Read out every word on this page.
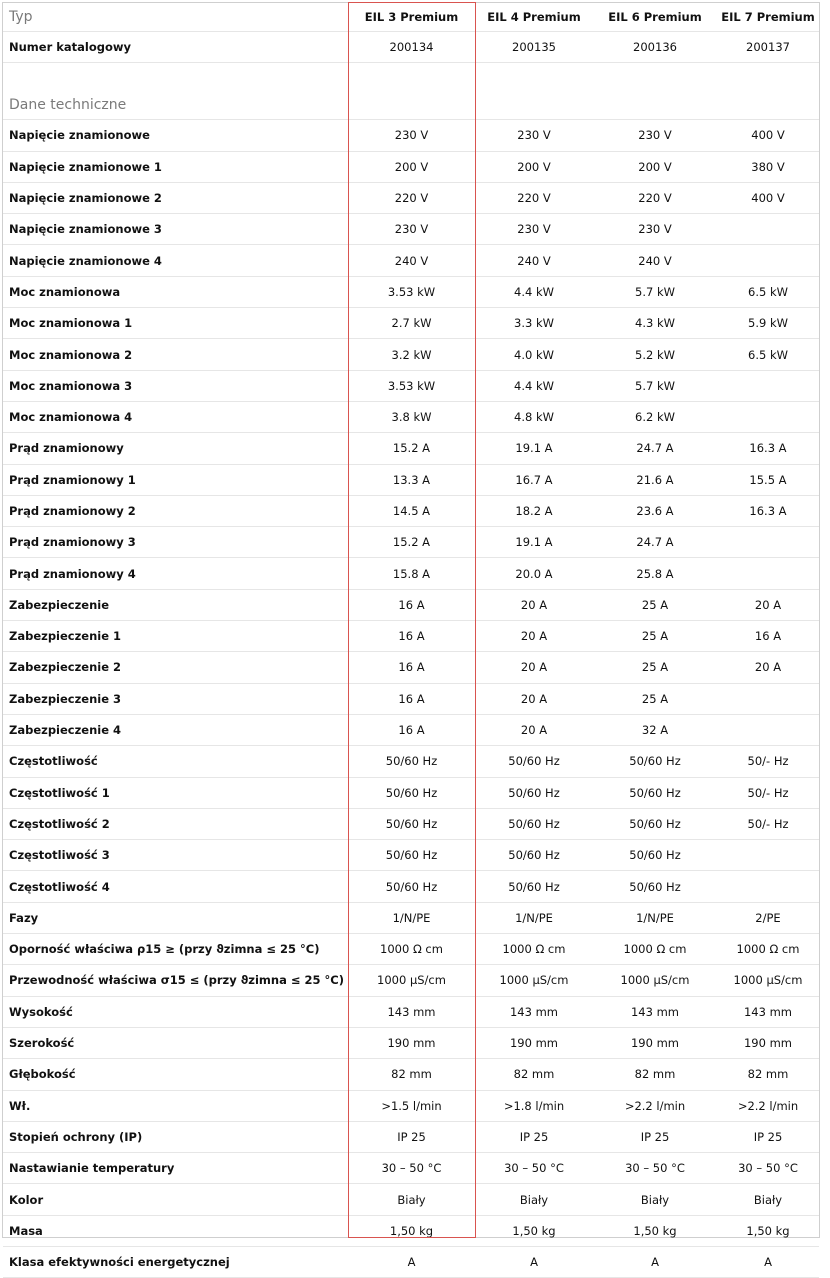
Typ	EIL 3 Premium	EIL 4 Premium	EIL 6 Premium	EIL 7 Premium
Numer katalogowy	200134	200135	200136	200137
Dane techniczne				
Napięcie znamionowe	230 V	230 V	230 V	400 V
Napięcie znamionowe 1	200 V	200 V	200 V	380 V
Napięcie znamionowe 2	220 V	220 V	220 V	400 V
Napięcie znamionowe 3	230 V	230 V	230 V	
Napięcie znamionowe 4	240 V	240 V	240 V	
Moc znamionowa	3.53 kW	4.4 kW	5.7 kW	6.5 kW
Moc znamionowa 1	2.7 kW	3.3 kW	4.3 kW	5.9 kW
Moc znamionowa 2	3.2 kW	4.0 kW	5.2 kW	6.5 kW
Moc znamionowa 3	3.53 kW	4.4 kW	5.7 kW	
Moc znamionowa 4	3.8 kW	4.8 kW	6.2 kW	
Prąd znamionowy	15.2 A	19.1 A	24.7 A	16.3 A
Prąd znamionowy 1	13.3 A	16.7 A	21.6 A	15.5 A
Prąd znamionowy 2	14.5 A	18.2 A	23.6 A	16.3 A
Prąd znamionowy 3	15.2 A	19.1 A	24.7 A	
Prąd znamionowy 4	15.8 A	20.0 A	25.8 A	
Zabezpieczenie	16 A	20 A	25 A	20 A
Zabezpieczenie 1	16 A	20 A	25 A	16 A
Zabezpieczenie 2	16 A	20 A	25 A	20 A
Zabezpieczenie 3	16 A	20 A	25 A	
Zabezpieczenie 4	16 A	20 A	32 A	
Częstotliwość	50/60 Hz	50/60 Hz	50/60 Hz	50/- Hz
Częstotliwość 1	50/60 Hz	50/60 Hz	50/60 Hz	50/- Hz
Częstotliwość 2	50/60 Hz	50/60 Hz	50/60 Hz	50/- Hz
Częstotliwość 3	50/60 Hz	50/60 Hz	50/60 Hz	
Częstotliwość 4	50/60 Hz	50/60 Hz	50/60 Hz	
Fazy	1/N/PE	1/N/PE	1/N/PE	2/PE
Oporność właściwa ρ15 ≥ (przy ϑzimna ≤ 25 °C)	1000 Ω cm	1000 Ω cm	1000 Ω cm	1000 Ω cm
Przewodność właściwa σ15 ≤ (przy ϑzimna ≤ 25 °C)	1000 μS/cm	1000 μS/cm	1000 μS/cm	1000 μS/cm
Wysokość	143 mm	143 mm	143 mm	143 mm
Szerokość	190 mm	190 mm	190 mm	190 mm
Głębokość	82 mm	82 mm	82 mm	82 mm
Wł.	>1.5 l/min	>1.8 l/min	>2.2 l/min	>2.2 l/min
Stopień ochrony (IP)	IP 25	IP 25	IP 25	IP 25
Nastawianie temperatury	30 – 50 °C	30 – 50 °C	30 – 50 °C	30 – 50 °C
Kolor	Biały	Biały	Biały	Biały
Masa	1,50 kg	1,50 kg	1,50 kg	1,50 kg
Klasa efektywności energetycznej	A	A	A	A
